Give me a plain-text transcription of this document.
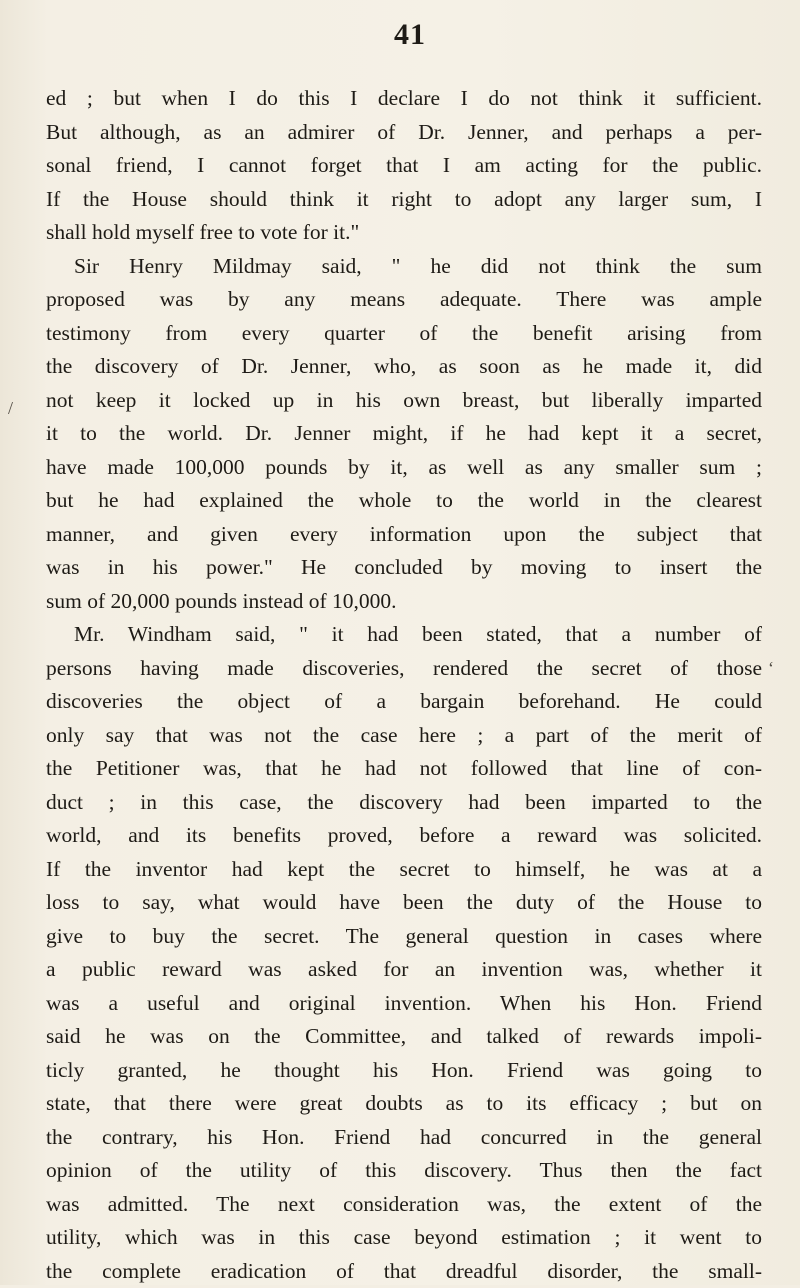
41
ed ; but when I do this I declare I do not think it sufficient.
But although, as an admirer of Dr. Jenner, and perhaps a per-
sonal friend, I cannot forget that I am acting for the public.
If the House should think it right to adopt any larger sum, I
shall hold myself free to vote for it."
Sir Henry Mildmay said, " he did not think the sum
proposed was by any means adequate. There was ample
testimony from every quarter of the benefit arising from
the discovery of Dr. Jenner, who, as soon as he made it, did
not keep it locked up in his own breast, but liberally imparted
it to the world. Dr. Jenner might, if he had kept it a secret,
have made 100,000 pounds by it, as well as any smaller sum ;
but he had explained the whole to the world in the clearest
manner, and given every information upon the subject that
was in his power." He concluded by moving to insert the
sum of 20,000 pounds instead of 10,000.
Mr. Windham said, " it had been stated, that a number of
persons having made discoveries, rendered the secret of those
discoveries the object of a bargain beforehand. He could
only say that was not the case here ; a part of the merit of
the Petitioner was, that he had not followed that line of con-
duct ; in this case, the discovery had been imparted to the
world, and its benefits proved, before a reward was solicited.
If the inventor had kept the secret to himself, he was at a
loss to say, what would have been the duty of the House to
give to buy the secret. The general question in cases where
a public reward was asked for an invention was, whether it
was a useful and original invention. When his Hon. Friend
said he was on the Committee, and talked of rewards impoli-
ticly granted, he thought his Hon. Friend was going to
state, that there were great doubts as to its efficacy ; but on
the contrary, his Hon. Friend had concurred in the general
opinion of the utility of this discovery. Thus then the fact
was admitted. The next consideration was, the extent of the
utility, which was in this case beyond estimation ; it went to
the complete eradication of that dreadful disorder, the small-
/
‘
